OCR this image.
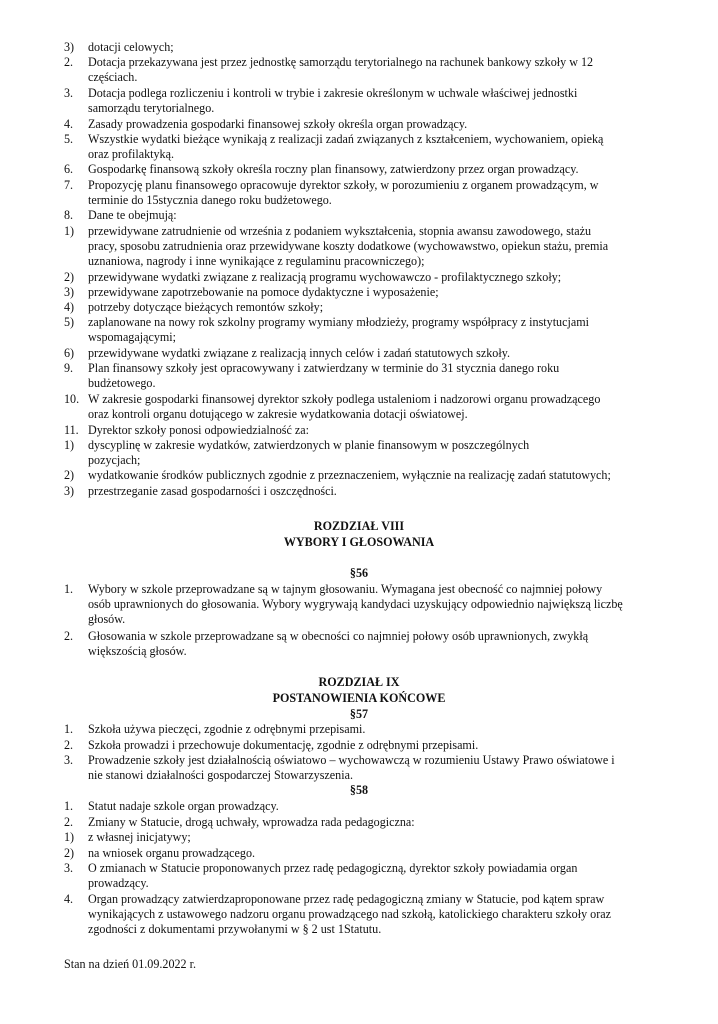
3)	dotacji celowych;
2.	Dotacja przekazywana jest przez jednostkę samorządu terytorialnego na rachunek bankowy szkoły w 12
częściach.
3.	Dotacja podlega rozliczeniu i kontroli w trybie i zakresie określonym w uchwale właściwej jednostki
samorządu terytorialnego.
4.	Zasady prowadzenia gospodarki finansowej szkoły określa organ prowadzący.
5.	Wszystkie wydatki bieżące wynikają z realizacji zadań związanych z kształceniem, wychowaniem, opieką
oraz profilaktyką.
6.	Gospodarkę finansową szkoły określa roczny plan finansowy, zatwierdzony przez organ prowadzący.
7.	Propozycję planu finansowego opracowuje dyrektor szkoły, w porozumieniu z organem prowadzącym, w
terminie do 15stycznia danego roku budżetowego.
8.	Dane te obejmują:
1)	przewidywane zatrudnienie od września z podaniem wykształcenia, stopnia awansu zawodowego, stażu
pracy, sposobu zatrudnienia oraz przewidywane koszty dodatkowe (wychowawstwo, opiekun stażu, premia
uznaniowa, nagrody i inne wynikające z regulaminu pracowniczego);
2)	przewidywane wydatki związane z realizacją programu wychowawczo - profilaktycznego szkoły;
3)	przewidywane zapotrzebowanie na pomoce dydaktyczne i wyposażenie;
4)	potrzeby dotyczące bieżących remontów szkoły;
5)	zaplanowane na nowy rok szkolny programy wymiany młodzieży, programy współpracy z instytucjami
wspomagającymi;
6)	przewidywane wydatki związane z realizacją innych celów i zadań statutowych szkoły.
9.	Plan finansowy szkoły jest opracowywany i zatwierdzany w terminie do 31 stycznia danego roku
budżetowego.
10. W zakresie gospodarki finansowej dyrektor szkoły podlega ustaleniom i nadzorowi organu prowadzącego
oraz kontroli organu dotującego w zakresie wydatkowania dotacji oświatowej.
11. Dyrektor szkoły ponosi odpowiedzialność za:
1)	dyscyplinę w zakresie wydatków, zatwierdzonych w planie finansowym w poszczególnych
pozycjach;
2)	wydatkowanie środków publicznych zgodnie z przeznaczeniem, wyłącznie na realizację zadań statutowych;
3)	przestrzeganie zasad gospodarności i oszczędności.
ROZDZIAŁ VIII
WYBORY I GŁOSOWANIA
§56
1.	Wybory w szkole przeprowadzane są w tajnym głosowaniu. Wymagana jest obecność co najmniej połowy
osób uprawnionych do głosowania. Wybory wygrywają kandydaci uzyskujący odpowiednio największą liczbę
głosów.
2.	Głosowania w szkole przeprowadzane są w obecności co najmniej połowy osób uprawnionych, zwykłą
większością głosów.
ROZDZIAŁ IX
POSTANOWIENIA KOŃCOWE
§57
1.	Szkoła używa pieczęci, zgodnie z odrębnymi przepisami.
2.	Szkoła prowadzi i przechowuje dokumentację, zgodnie z odrębnymi przepisami.
3.	Prowadzenie szkoły jest działalnością oświatowo – wychowawczą w rozumieniu Ustawy Prawo oświatowe i
nie stanowi działalności gospodarczej Stowarzyszenia.
§58
1.	Statut nadaje szkole organ prowadzący.
2.	Zmiany w Statucie, drogą uchwały, wprowadza rada pedagogiczna:
1)	z własnej inicjatywy;
2)	na wniosek organu prowadzącego.
3.	O zmianach w Statucie proponowanych przez radę pedagogiczną, dyrektor szkoły powiadamia organ
prowadzący.
4.	Organ prowadzący zatwierdzaproponowane przez radę pedagogiczną zmiany w Statucie, pod kątem spraw
wynikających z ustawowego nadzoru organu prowadzącego nad szkołą, katolickiego charakteru szkoły oraz
zgodności z dokumentami przywołanymi w § 2 ust 1Statutu.
Stan na dzień 01.09.2022 r.
